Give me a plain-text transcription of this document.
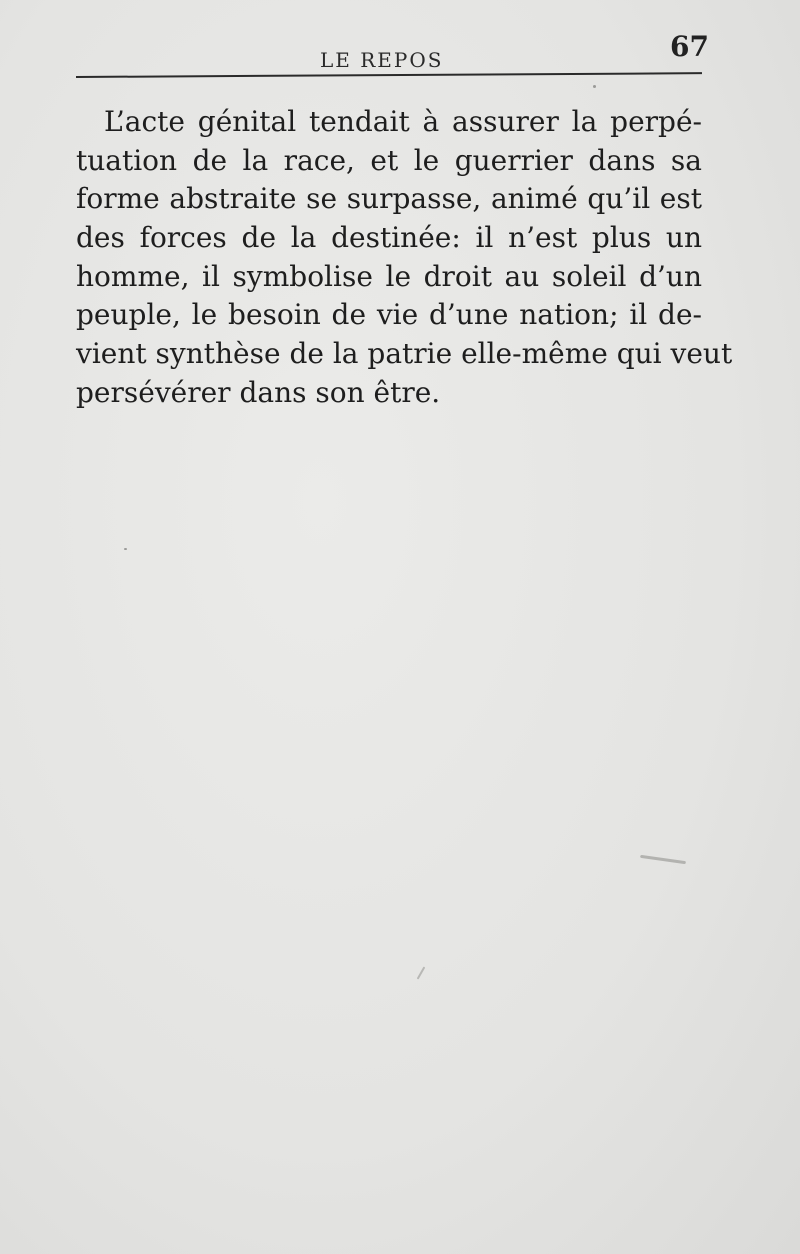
LE REPOS	67
L’acte génital tendait à assurer la perpé-
tuation de la race, et le guerrier dans sa
forme abstraite se surpasse, animé qu’il est
des forces de la destinée: il n’est plus un
homme, il symbolise le droit au soleil d’un
peuple, le besoin de vie d’une nation; il de-
vient synthèse de la patrie elle-même qui veut
persévérer dans son être.
